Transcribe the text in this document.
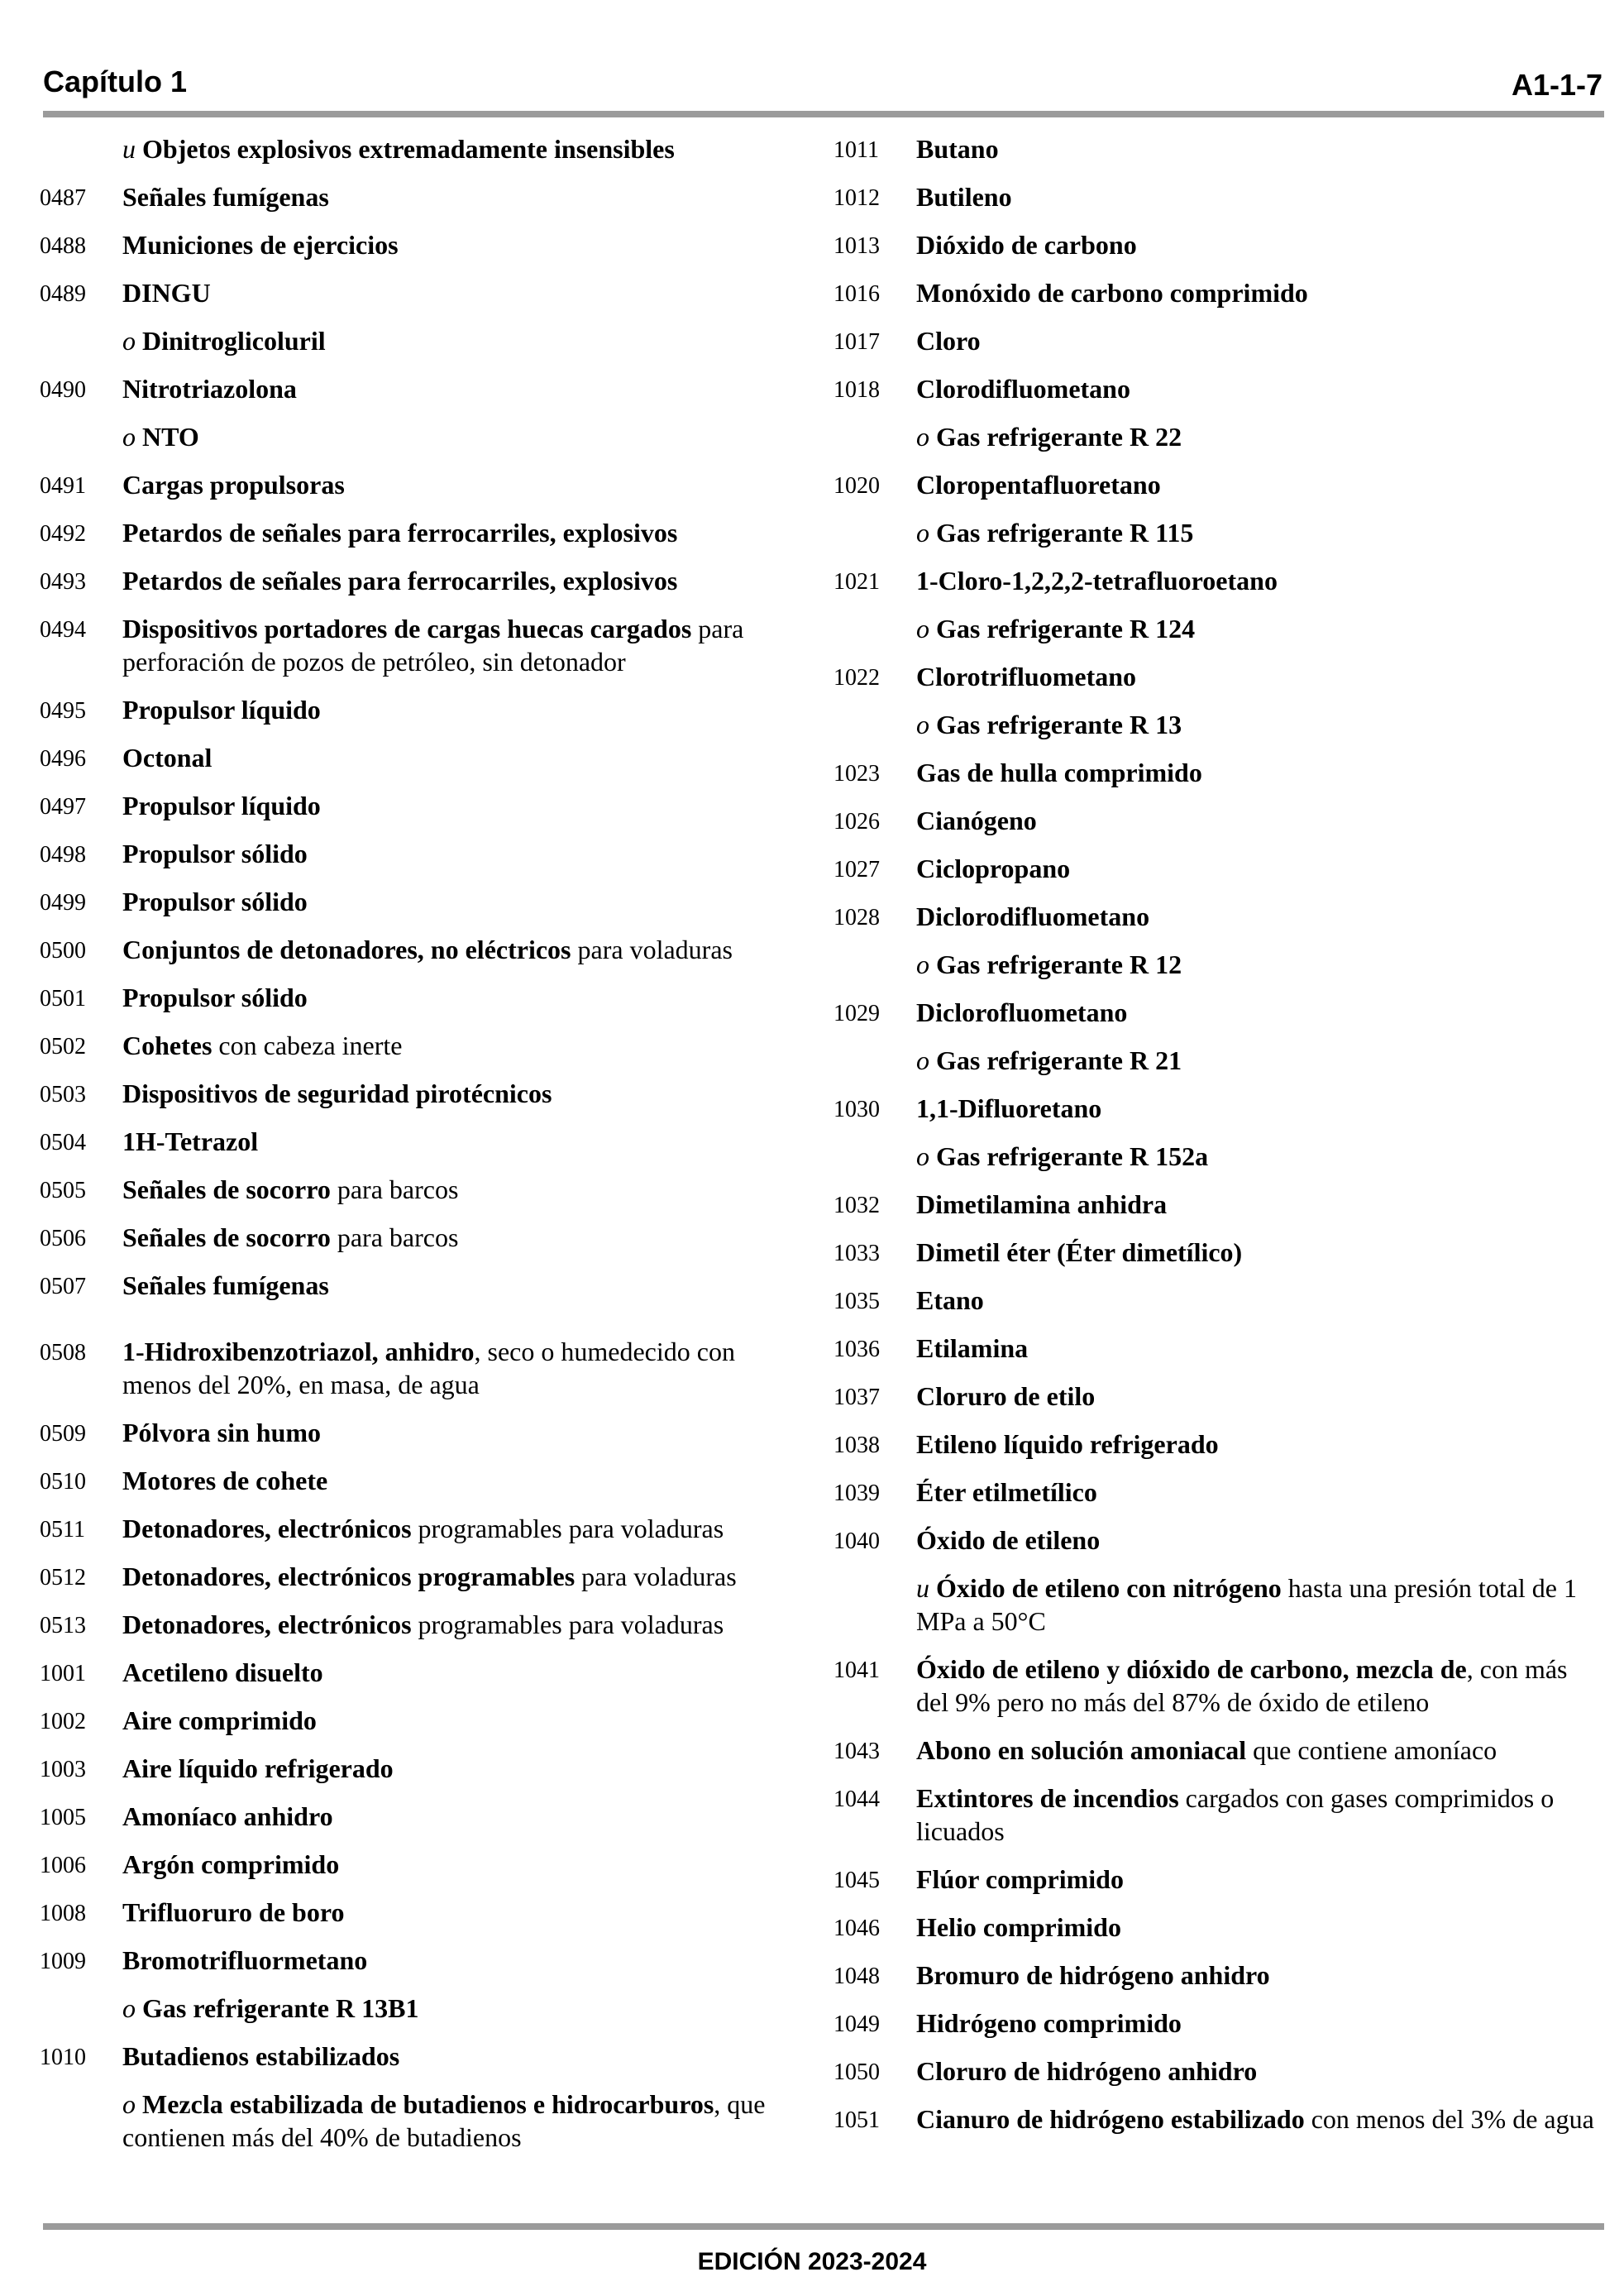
Capítulo 1	A1-1-7
u Objetos explosivos extremadamente insensibles
0487 Señales fumígenas
0488 Municiones de ejercicios
0489 DINGU
o Dinitroglicoluril
0490 Nitrotriazolona
o NTO
0491 Cargas propulsoras
0492 Petardos de señales para ferrocarriles, explosivos
0493 Petardos de señales para ferrocarriles, explosivos
0494 Dispositivos portadores de cargas huecas cargados para perforación de pozos de petróleo, sin detonador
0495 Propulsor líquido
0496 Octonal
0497 Propulsor líquido
0498 Propulsor sólido
0499 Propulsor sólido
0500 Conjuntos de detonadores, no eléctricos para voladuras
0501 Propulsor sólido
0502 Cohetes con cabeza inerte
0503 Dispositivos de seguridad pirotécnicos
0504 1H-Tetrazol
0505 Señales de socorro para barcos
0506 Señales de socorro para barcos
0507 Señales fumígenas
0508 1-Hidroxibenzotriazol, anhidro, seco o humedecido con menos del 20%, en masa, de agua
0509 Pólvora sin humo
0510 Motores de cohete
0511 Detonadores, electrónicos programables para voladuras
0512 Detonadores, electrónicos programables para voladuras
0513 Detonadores, electrónicos programables para voladuras
1001 Acetileno disuelto
1002 Aire comprimido
1003 Aire líquido refrigerado
1005 Amoníaco anhidro
1006 Argón comprimido
1008 Trifluoruro de boro
1009 Bromotrifluormetano
o Gas refrigerante R 13B1
1010 Butadienos estabilizados
o Mezcla estabilizada de butadienos e hidrocarburos, que contienen más del 40% de butadienos
1011 Butano
1012 Butileno
1013 Dióxido de carbono
1016 Monóxido de carbono comprimido
1017 Cloro
1018 Clorodifluometano
o Gas refrigerante R 22
1020 Cloropentafluoretano
o Gas refrigerante R 115
1021 1-Cloro-1,2,2,2-tetrafluoroetano
o Gas refrigerante R 124
1022 Clorotrifluometano
o Gas refrigerante R 13
1023 Gas de hulla comprimido
1026 Cianógeno
1027 Ciclopropano
1028 Diclorodifluometano
o Gas refrigerante R 12
1029 Diclorofluometano
o Gas refrigerante R 21
1030 1,1-Difluoretano
o Gas refrigerante R 152a
1032 Dimetilamina anhidra
1033 Dimetil éter (Éter dimetílico)
1035 Etano
1036 Etilamina
1037 Cloruro de etilo
1038 Etileno líquido refrigerado
1039 Éter etilmetílico
1040 Óxido de etileno
u Óxido de etileno con nitrógeno hasta una presión total de 1 MPa a 50°C
1041 Óxido de etileno y dióxido de carbono, mezcla de, con más del 9% pero no más del 87% de óxido de etileno
1043 Abono en solución amoniacal que contiene amoníaco
1044 Extintores de incendios cargados con gases comprimidos o licuados
1045 Flúor comprimido
1046 Helio comprimido
1048 Bromuro de hidrógeno anhidro
1049 Hidrógeno comprimido
1050 Cloruro de hidrógeno anhidro
1051 Cianuro de hidrógeno estabilizado con menos del 3% de agua
EDICIÓN 2023-2024
